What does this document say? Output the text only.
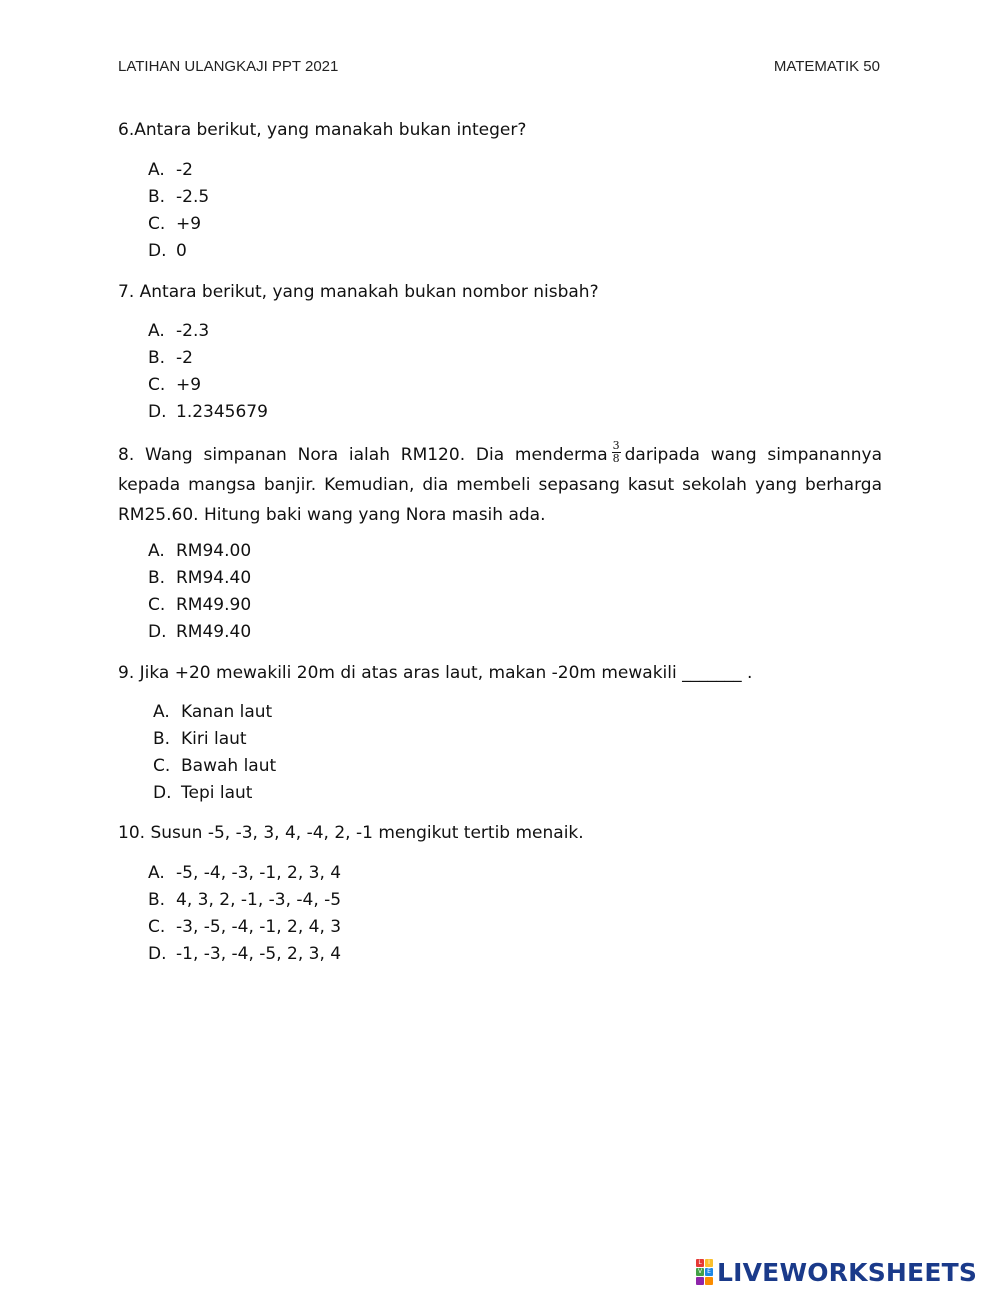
LATIHAN ULANGKAJI PPT 2021	MATEMATIK 50
6.Antara berikut, yang manakah bukan integer?
A. -2
B. -2.5
C. +9
D. 0
7. Antara berikut, yang manakah bukan nombor nisbah?
A. -2.3
B. -2
C. +9
D. 1.2345679
8. Wang simpanan Nora ialah RM120. Dia menderma $\frac{3}{8}$ daripada wang simpanannya kepada mangsa banjir. Kemudian, dia membeli sepasang kasut sekolah yang berharga RM25.60. Hitung baki wang yang Nora masih ada.
A. RM94.00
B. RM94.40
C. RM49.90
D. RM49.40
9. Jika +20 mewakili 20m di atas aras laut, makan -20m mewakili _______ .
A. Kanan laut
B. Kiri laut
C. Bawah laut
D. Tepi laut
10. Susun -5, -3, 3, 4, -4, 2, -1 mengikut tertib menaik.
A. -5, -4, -3, -1, 2, 3, 4
B. 4, 3, 2, -1, -3, -4, -5
C. -3, -5, -4, -1, 2, 4, 3
D. -1, -3, -4, -5, 2, 3, 4
L	I
V E LIVEWORKSHEETS
